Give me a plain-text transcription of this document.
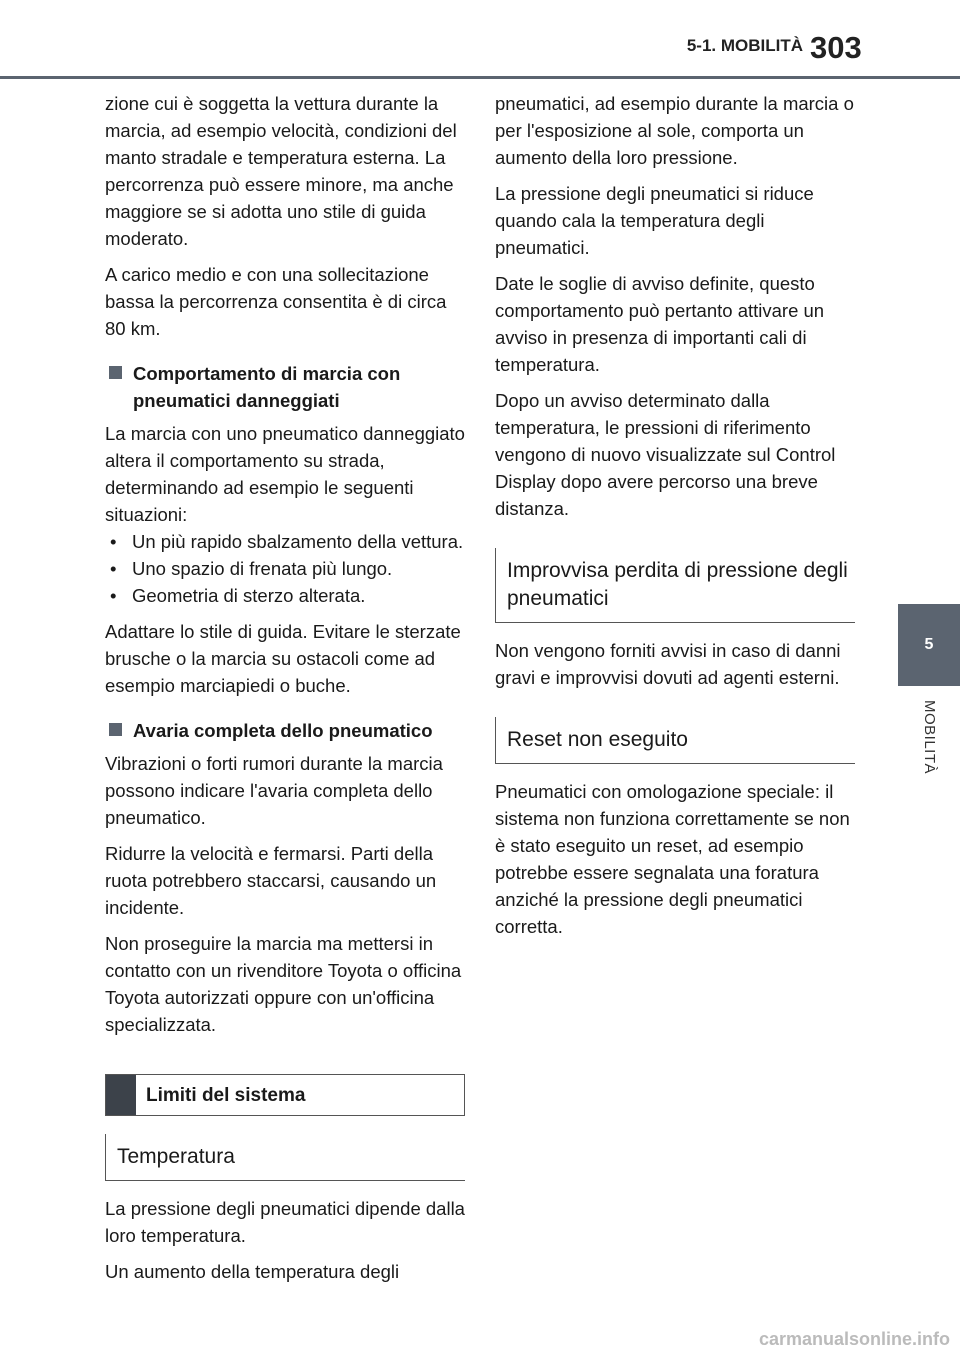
5-1. MOBILITÀ 303
5
MOBILITÀ

zione cui è soggetta la vettura durante la marcia, ad esempio velocità, condizioni del manto stradale e temperatura esterna. La percorrenza può essere minore, ma anche maggiore se si adotta uno stile di guida moderato.

A carico medio e con una sollecitazione bassa la percorrenza consentita è di circa 80 km.

Comportamento di marcia con pneumatici danneggiati

La marcia con uno pneumatico danneggiato altera il comportamento su strada, determinando ad esempio le seguenti situazioni:

• Un più rapido sbalzamento della vettura.
• Uno spazio di frenata più lungo.
• Geometria di sterzo alterata.

Adattare lo stile di guida. Evitare le sterzate brusche o la marcia su ostacoli come ad esempio marciapiedi o buche.

Avaria completa dello pneumatico

Vibrazioni o forti rumori durante la marcia possono indicare l'avaria completa dello pneumatico.

Ridurre la velocità e fermarsi. Parti della ruota potrebbero staccarsi, causando un incidente.

Non proseguire la marcia ma mettersi in contatto con un rivenditore Toyota o officina Toyota autorizzati oppure con un'officina specializzata.

Limiti del sistema
Temperatura

La pressione degli pneumatici dipende dalla loro temperatura.

Un aumento della temperatura degli

pneumatici, ad esempio durante la marcia o per l'esposizione al sole, comporta un aumento della loro pressione.

La pressione degli pneumatici si riduce quando cala la temperatura degli pneumatici.

Date le soglie di avviso definite, questo comportamento può pertanto attivare un avviso in presenza di importanti cali di temperatura.

Dopo un avviso determinato dalla temperatura, le pressioni di riferimento vengono di nuovo visualizzate sul Control Display dopo avere percorso una breve distanza.

Improvvisa perdita di pressione degli pneumatici

Non vengono forniti avvisi in caso di danni gravi e improvvisi dovuti ad agenti esterni.

Reset non eseguito

Pneumatici con omologazione speciale: il sistema non funziona correttamente se non è stato eseguito un reset, ad esempio potrebbe essere segnalata una foratura anziché la pressione degli pneumatici corretta.

carmanualsonline.info
